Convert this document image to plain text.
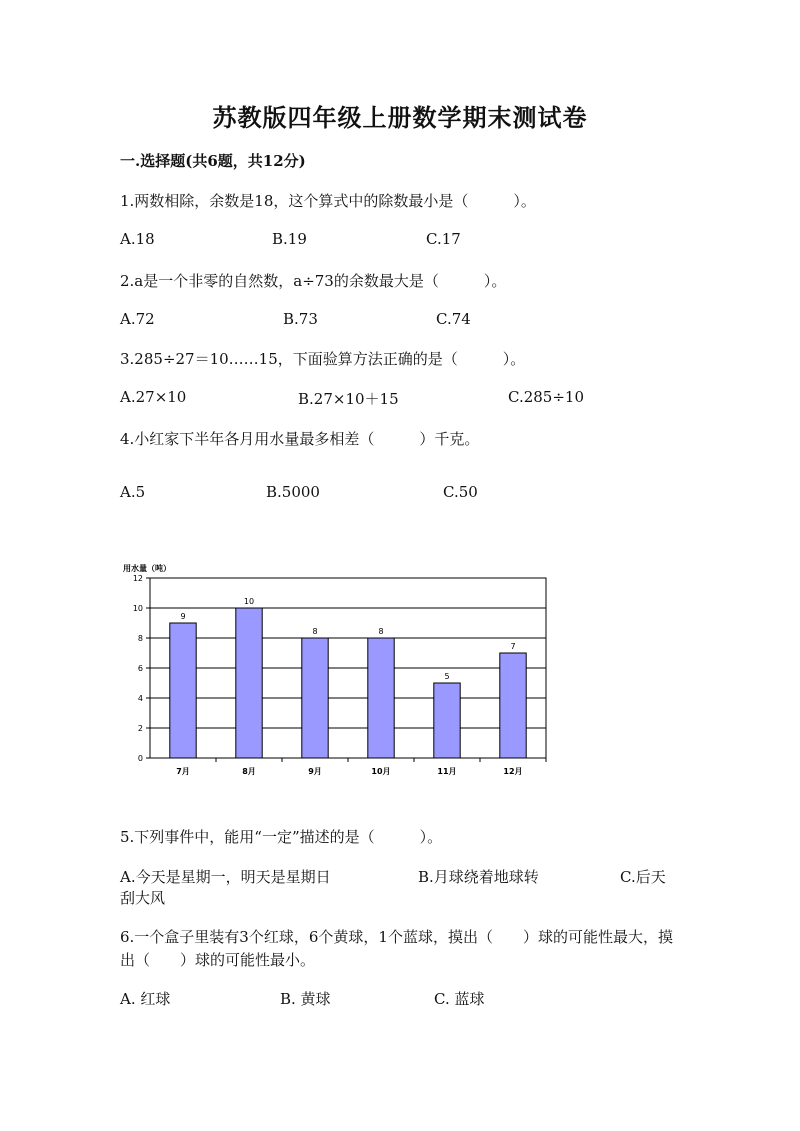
苏教版四年级上册数学期末测试卷
一.选择题(共6题，共12分)
1.两数相除，余数是18，这个算式中的除数最小是（　　　）。
A.18	B.19	C.17
2.a是一个非零的自然数，a÷73的余数最大是（　　　）。
A.72	B.73	C.74
3.285÷27＝10……15，下面验算方法正确的是（　　　）。
A.27×10	B.27×10＋15	C.285÷10
4.小红家下半年各月用水量最多相差（　　　）千克。
A.5	B.5000	C.50
0
2
4
6
8
10
12
9
7月
10
8月
8
9月
8
10月
5
11月
7
12月
用水量（吨）
5.下列事件中，能用“一定”描述的是（　　　）。
A.今天是星期一，明天是星期日	B.月球绕着地球转	C.后天
刮大风
6.一个盒子里装有3个红球，6个黄球，1个蓝球，摸出（　　）球的可能性最大，摸出（　　）球的可能性最小。
A. 红球	B. 黄球	C. 蓝球
